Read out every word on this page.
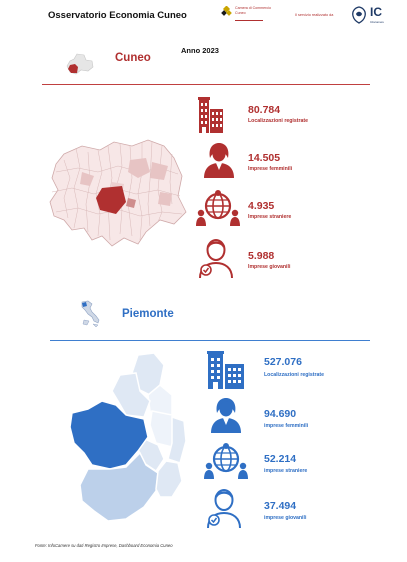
Osservatorio Economia Cuneo
Camera di Commercio
Cuneo
Il servizio realizzato da	IC
Infocamere
Anno 2023
Cuneo
80.784
Localizzazioni registrate
14.505
Imprese femminili
4.935
Imprese straniere
5.988
Imprese giovanili
Piemonte
527.076
Localizzazioni registrate
94.690
imprese femminili
52.214
imprese straniere
37.494
imprese giovanili
Fonte: InfoCamere su dati Registro Imprese, Dashboard Economia Cuneo
